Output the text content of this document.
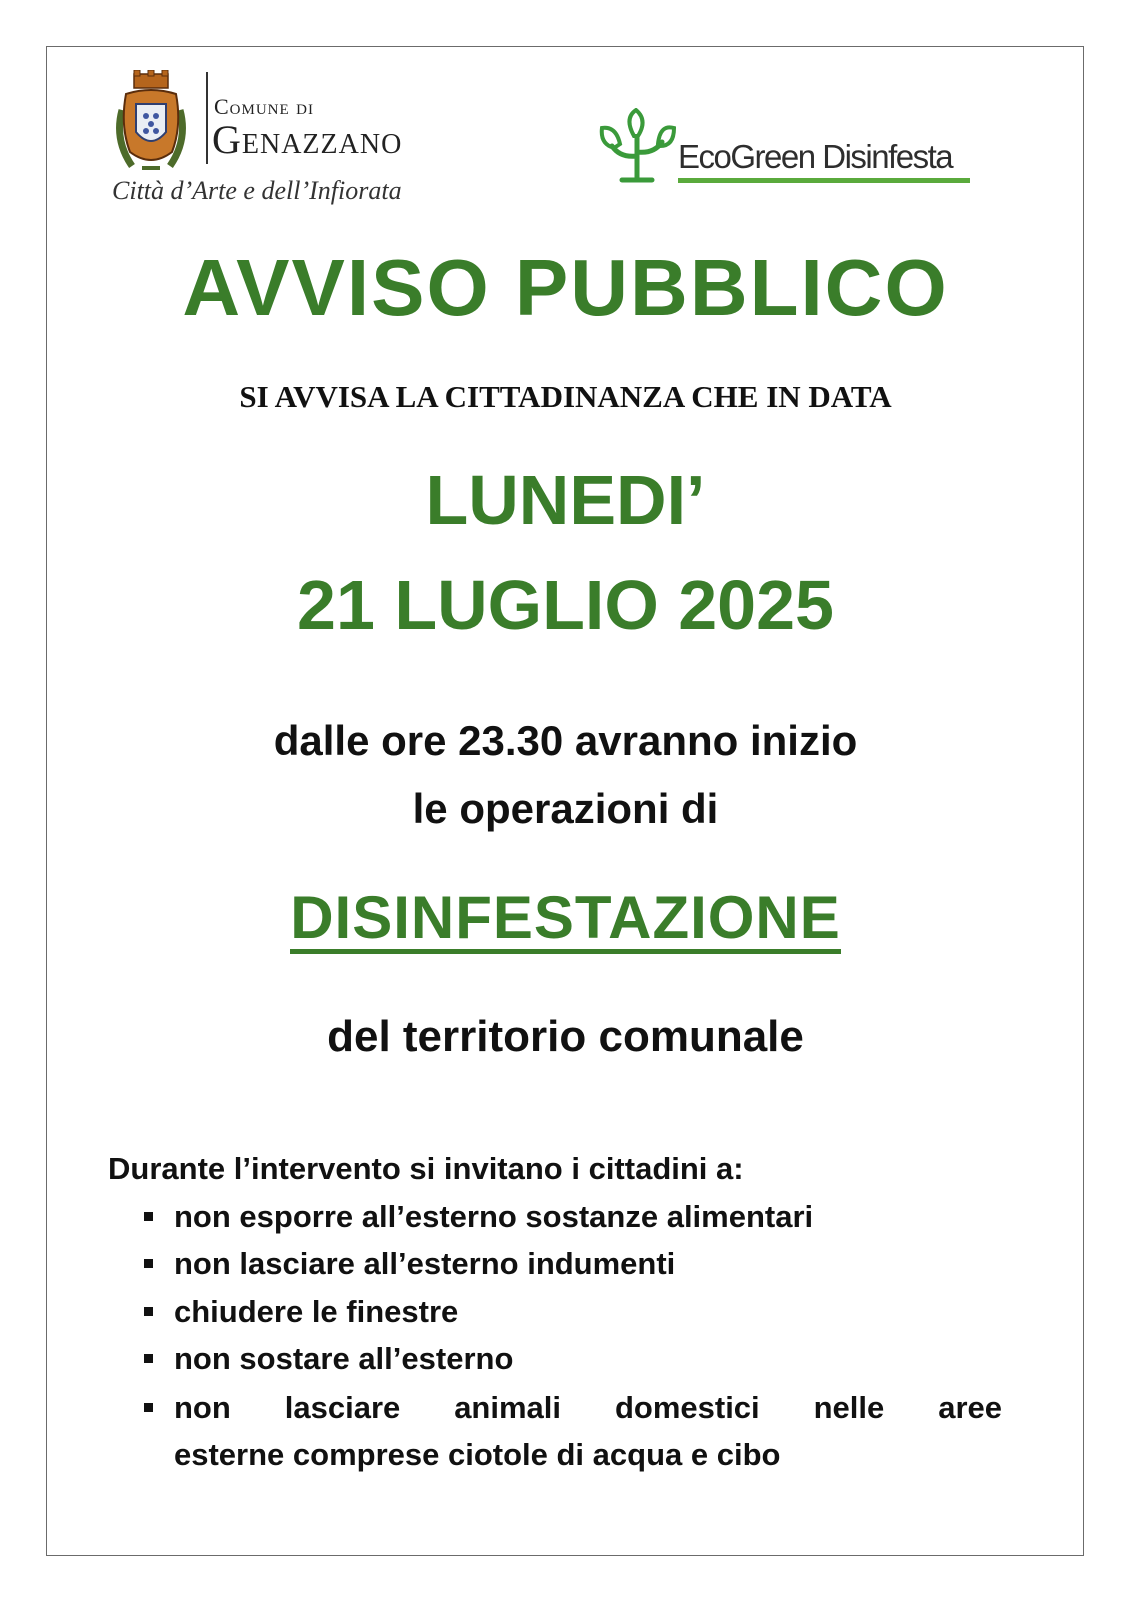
Comune di

Genazzano

Città d’Arte e dell’Infiorata

EcoGreen Disinfesta

AVVISO PUBBLICO

SI AVVISA LA CITTADINANZA CHE IN DATA

LUNEDI’

21 LUGLIO 2025

dalle ore 23.30 avranno inizio

le operazioni di

DISINFESTAZIONE

del territorio comunale

Durante l’intervento si invitano i cittadini a:

non esporre all’esterno sostanze alimentari
non lasciare all’esterno indumenti
chiudere le finestre
non sostare all’esterno
non lasciare animali domestici nelle aree
esterne comprese ciotole di acqua e cibo
